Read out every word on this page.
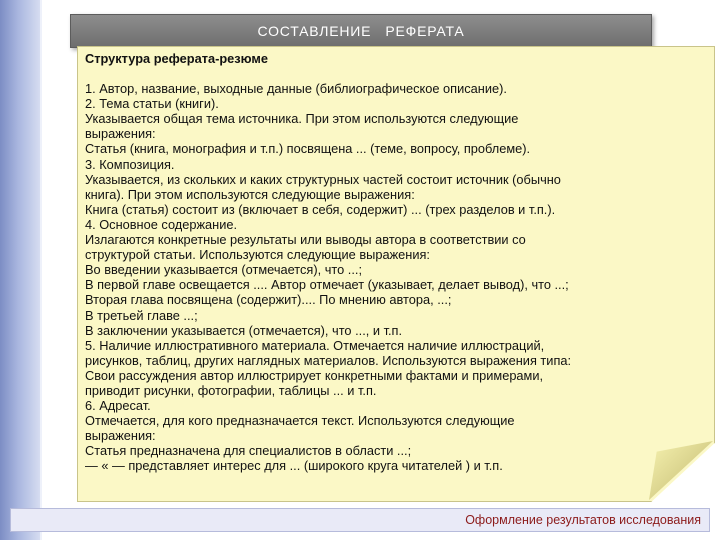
СОСТАВЛЕНИЕ   РЕФЕРАТА
Структура реферата-резюме
1. Автор, название, выходные данные (библиографическое описание).
2. Тема статьи (книги).
Указывается общая тема источника. При этом используются следующие
выражения:
Статья (книга, монография и т.п.) посвящена ... (теме, вопросу, проблеме).
3. Композиция.
Указывается, из скольких и каких структурных частей состоит источник (обычно
книга). При этом используются следующие выражения:
Книга (статья) состоит из (включает в себя, содержит) ... (трех разделов и т.п.).
4. Основное содержание.
Излагаются конкретные результаты или выводы автора в соответствии со
структурой статьи. Используются следующие выражения:
Во введении указывается (отмечается), что ...;
В первой главе освещается .... Автор отмечает (указывает, делает вывод), что ...;
Вторая глава посвящена (содержит).... По мнению автора, ...;
В третьей главе ...;
В заключении указывается (отмечается), что ..., и т.п.
5. Наличие иллюстративного материала. Отмечается наличие иллюстраций,
рисунков, таблиц, других наглядных материалов. Используются выражения типа:
Свои рассуждения автор иллюстрирует конкретными фактами и примерами,
приводит рисунки, фотографии, таблицы ... и т.п.
6. Адресат.
Отмечается, для кого предназначается текст. Используются следующие
выражения:
Статья предназначена для специалистов в области ...;
— « — представляет интерес для ... (широкого круга читателей ) и т.п.
Оформление результатов исследования
